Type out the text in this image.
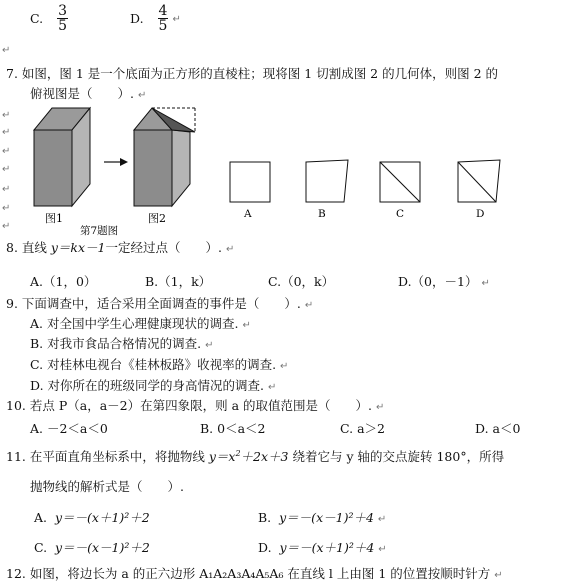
C. $\frac{3}{5}$	D. $\frac{4}{5}$ ↵
↵
↵
↵
↵
↵
↵
↵
↵
7. 如图，图 1 是一个底面为正方形的直棱柱；现将图 1 切割成图 2 的几何体，则图 2 的
俯视图是（　　）. ↵
图1	图2
第7题图
A	B	C	D
8. 直线 y＝kx－1一定经过点（　　）. ↵
A.（1，0）	B.（1，k）	C.（0，k）	D.（0，－1） ↵
9. 下面调查中，适合采用全面调查的事件是（　　）. ↵
A. 对全国中学生心理健康现状的调查. ↵
B. 对我市食品合格情况的调查. ↵
C. 对桂林电视台《桂林板路》收视率的调查. ↵
D. 对你所在的班级同学的身高情况的调查. ↵
10. 若点 P（a，a－2）在第四象限，则 a 的取值范围是（　　）. ↵
A. －2＜a＜0	B. 0＜a＜2	C. a＞2	D. a＜0
11. 在平面直角坐标系中，将抛物线 $y=x^2+2x+3$ 绕着它与 y 轴的交点旋转 180°，所得
抛物线的解析式是（　　）.
A. y＝－(x＋1)²＋2	B. y＝－(x－1)²＋4 ↵
C. y＝－(x－1)²＋2	D. y＝－(x＋1)²＋4 ↵
12. 如图，将边长为 a 的正六边形 A₁A₂A₃A₄A₅A₆ 在直线 l 上由图 1 的位置按顺时针方 ↵
